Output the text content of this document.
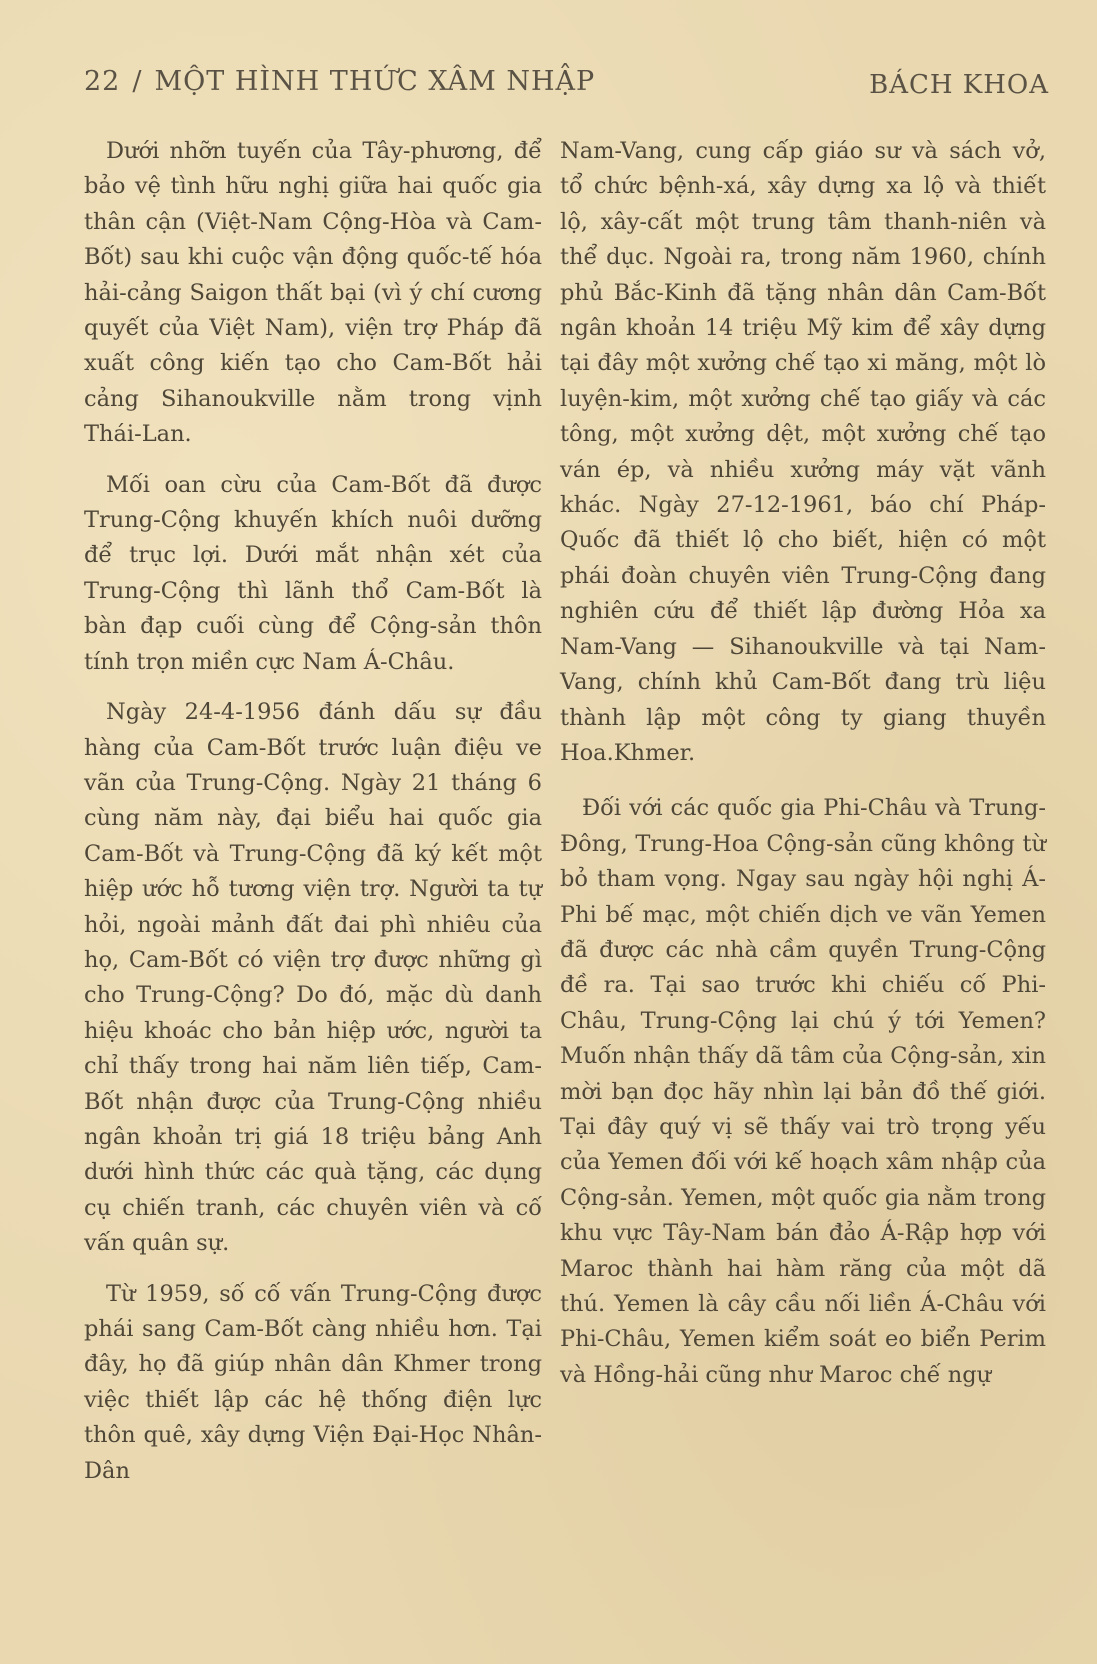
22 / MỘT HÌNH THỨC XÂM NHẬP	BÁCH KHOA

Dưới nhỡn tuyến của Tây-phương, để bảo vệ tình hữu nghị giữa hai quốc gia thân cận (Việt-Nam Cộng-Hòa và Cam-Bốt) sau khi cuộc vận động quốc-tế hóa hải-cảng Saigon thất bại (vì ý chí cương quyết của Việt Nam), viện trợ Pháp đã xuất công kiến tạo cho Cam-Bốt hải cảng Sihanoukville nằm trong vịnh Thái-Lan.

Mối oan cừu của Cam-Bốt đã được Trung-Cộng khuyến khích nuôi dưỡng để trục lợi. Dưới mắt nhận xét của Trung-Cộng thì lãnh thổ Cam-Bốt là bàn đạp cuối cùng để Cộng-sản thôn tính trọn miền cực Nam Á-Châu.

Ngày 24-4-1956 đánh dấu sự đầu hàng của Cam-Bốt trước luận điệu ve vãn của Trung-Cộng. Ngày 21 tháng 6 cùng năm này, đại biểu hai quốc gia Cam-Bốt và Trung-Cộng đã ký kết một hiệp ước hỗ tương viện trợ. Người ta tự hỏi, ngoài mảnh đất đai phì nhiêu của họ, Cam-Bốt có viện trợ được những gì cho Trung-Cộng? Do đó, mặc dù danh hiệu khoác cho bản hiệp ước, người ta chỉ thấy trong hai năm liên tiếp, Cam-Bốt nhận được của Trung-Cộng nhiều ngân khoản trị giá 18 triệu bảng Anh dưới hình thức các quà tặng, các dụng cụ chiến tranh, các chuyên viên và cố vấn quân sự.

Từ 1959, số cố vấn Trung-Cộng được phái sang Cam-Bốt càng nhiều hơn. Tại đây, họ đã giúp nhân dân Khmer trong việc thiết lập các hệ thống điện lực thôn quê, xây dựng Viện Đại-Học Nhân-Dân

Nam-Vang, cung cấp giáo sư và sách vở, tổ chức bệnh-xá, xây dựng xa lộ và thiết lộ, xây-cất một trung tâm thanh-niên và thể dục. Ngoài ra, trong năm 1960, chính phủ Bắc-Kinh đã tặng nhân dân Cam-Bốt ngân khoản 14 triệu Mỹ kim để xây dựng tại đây một xưởng chế tạo xi măng, một lò luyện-kim, một xưởng chế tạo giấy và các tông, một xưởng dệt, một xưởng chế tạo ván ép, và nhiều xưởng máy vặt vãnh khác. Ngày 27-12-1961, báo chí Pháp-Quốc đã thiết lộ cho biết, hiện có một phái đoàn chuyên viên Trung-Cộng đang nghiên cứu để thiết lập đường Hỏa xa Nam-Vang — Sihanoukville và tại Nam-Vang, chính khủ Cam-Bốt đang trù liệu thành lập một công ty giang thuyền Hoa.Khmer.

Đối với các quốc gia Phi-Châu và Trung-Đông, Trung-Hoa Cộng-sản cũng không từ bỏ tham vọng. Ngay sau ngày hội nghị Á-Phi bế mạc, một chiến dịch ve vãn Yemen đã được các nhà cầm quyền Trung-Cộng đề ra. Tại sao trước khi chiếu cố Phi-Châu, Trung-Cộng lại chú ý tới Yemen? Muốn nhận thấy dã tâm của Cộng-sản, xin mời bạn đọc hãy nhìn lại bản đồ thế giới. Tại đây quý vị sẽ thấy vai trò trọng yếu của Yemen đối với kế hoạch xâm nhập của Cộng-sản. Yemen, một quốc gia nằm trong khu vực Tây-Nam bán đảo Á-Rập hợp với Maroc thành hai hàm răng của một dã thú. Yemen là cây cầu nối liền Á-Châu với Phi-Châu, Yemen kiểm soát eo biển Perim và Hồng-hải cũng như Maroc chế ngự
